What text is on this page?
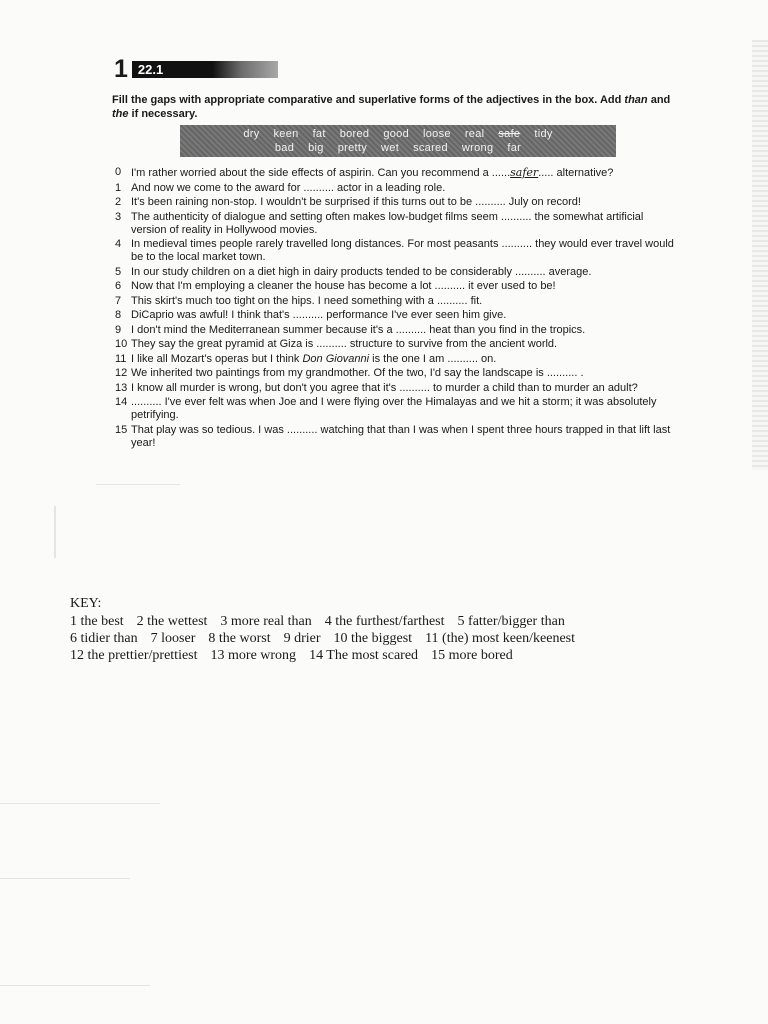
1 22.1
Fill the gaps with appropriate comparative and superlative forms of the adjectives in the box. Add than and the if necessary.
dry keen fat bored good loose real safe tidy
bad big pretty wet scared wrong far
0 I'm rather worried about the side effects of aspirin. Can you recommend a ......safer..... alternative?
1 And now we come to the award for .......... actor in a leading role.
2 It's been raining non-stop. I wouldn't be surprised if this turns out to be .......... July on record!
3 The authenticity of dialogue and setting often makes low-budget films seem .......... the somewhat artificial version of reality in Hollywood movies.
4 In medieval times people rarely travelled long distances. For most peasants .......... they would ever travel would be to the local market town.
5 In our study children on a diet high in dairy products tended to be considerably .......... average.
6 Now that I'm employing a cleaner the house has become a lot .......... it ever used to be!
7 This skirt's much too tight on the hips. I need something with a .......... fit.
8 DiCaprio was awful! I think that's .......... performance I've ever seen him give.
9 I don't mind the Mediterranean summer because it's a .......... heat than you find in the tropics.
10 They say the great pyramid at Giza is .......... structure to survive from the ancient world.
11 I like all Mozart's operas but I think Don Giovanni is the one I am .......... on.
12 We inherited two paintings from my grandmother. Of the two, I'd say the landscape is .......... .
13 I know all murder is wrong, but don't you agree that it's .......... to murder a child than to murder an adult?
14 .......... I've ever felt was when Joe and I were flying over the Himalayas and we hit a storm; it was absolutely petrifying.
15 That play was so tedious. I was .......... watching that than I was when I spent three hours trapped in that lift last year!
KEY:
1 the best 2 the wettest 3 more real than 4 the furthest/farthest 5 fatter/bigger than
6 tidier than 7 looser 8 the worst 9 drier 10 the biggest 11 (the) most keen/keenest
12 the prettier/prettiest 13 more wrong 14 The most scared 15 more bored
